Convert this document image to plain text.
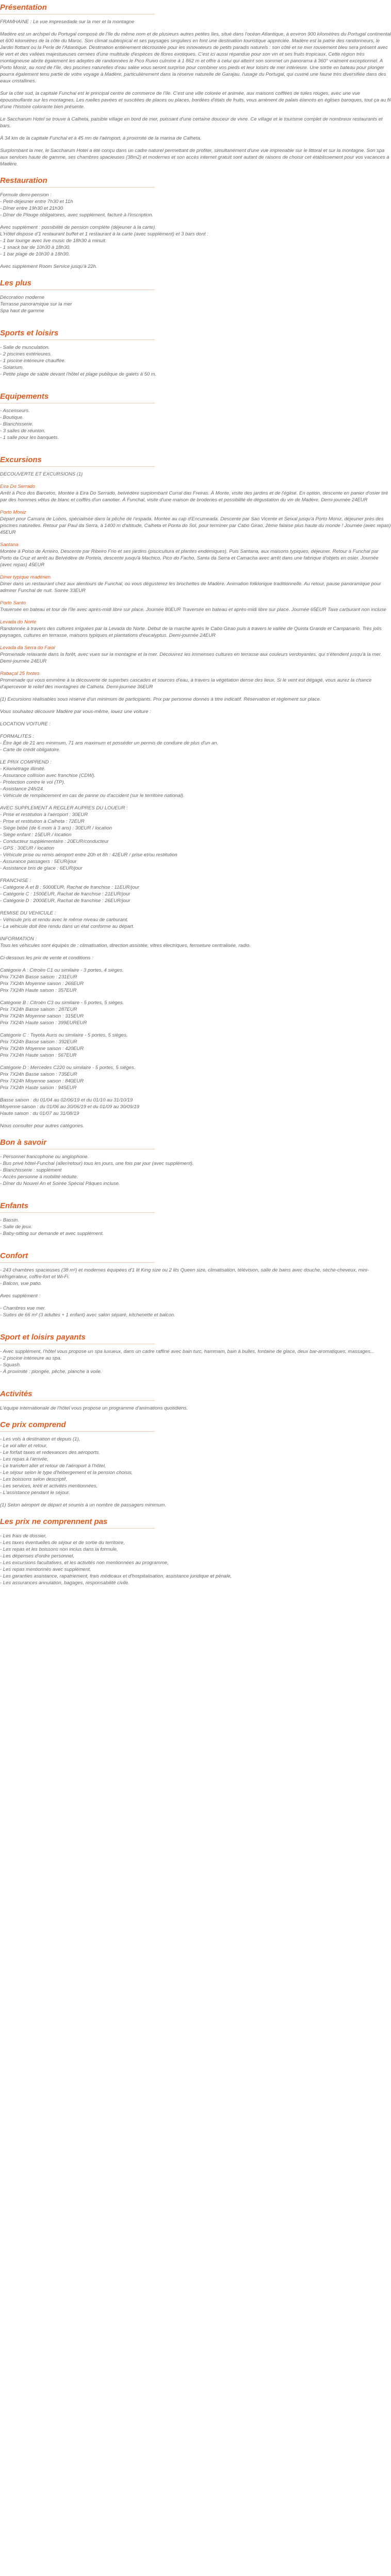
Présentation
FRAMHAINE : Le vue impresedade sur la mer et la montagne
Madère est un archipel du Portugal composé de l'île du même nom et de plusieurs autres petites îles, situé dans l'océan Atlantique, à environ 900 kilomètres du Portugal continental et 600 kilomètres de la côte du Maroc. Son climat subtropical et ses paysages singuliers en font une destination touristique appréciée. Madère est la patrie des randonneurs, le Jardin flottant ou la Perle de l'Atlantique. Destination entièrement décroustée pour les innovateurs de petits paradis naturels : son côté et se mer rouvement bleu sera présent avec le vert et des vallées majestueuses cernées d'une multitude d'espèces de flores exotiques. C'est ici aussi répandue pour son vin et ses fruits tropicaux. Cette région très montagneuse abrite également les adeptes de randonnées le Pico Ruivo culmine à 1 862 m et offre à celui qui atteint son sommet un panorama à 360° vraiment exceptionnel. A Porto Moniz, au nord de l'île, des piscines naturelles d'eau salée vous seront surprise pour combiner vos pieds et leur loisirs de mer intérieure. Une sortie en bateau pour plonger pourra également tenu partie de votre voyage à Madère, particulièrement dans la réserve naturelle de Garajau. l'usage du Portugal, qui cuviné une faune très diversifiée dans des eaux cristallines.
Sur la côte sud, la capitale Funchal est le principal centre de commerce de l'île. C'est une ville colorée et animée, aux maisons coiffées de tuiles rouges, avec une vue époustouflante sur les montagnes. Les ruelles pavées et suscitées de places ou places, bordées d'étals de fruits, vous amènent de palais élancés en églises baroques, tout ça au fil d'une l'histoire colorante bien présente.
Le Saccharum Hotel se trouve à Calheta, paisible village en bord de mer, puissant d'une certaine douceur de vivre. Ce village et le tourisme complet de nombreux restaurants et bars.
À 34 km de la capitale Funchal et à 45 mn de l'aéroport, à proximité de la marina de Calheta.
Surplombant la mer, le Saccharum Hotel a été conçu dans un cadre naturel permettant de profiter, simultanément d'une vue imprenable sur le littoral et sur la montagne. Son spa aux services haute de gamme, ses chambres spacieuses (38m2) et modernes et son accès internet gratuit sont autant de raisons de choisir cet établissement pour vos vacances à Madère.
Restauration
Formule demi-pension :
- Petit-déjeuner entre 7h30 et 11h
- Dîner entre 19h30 et 21h30
- Dîner de Plouge obligatoires, avec supplément, facturé à l'inscription.
Avec supplément : possibilité de pension complète (déjeuner à la carte).
L'Hôtel dispose d'1 restaurant buffet et 1 restaurant à la carte (avec supplément) et 3 bars dont :
- 1 bar lounge avec live music de 18h30 à minuit.
- 1 snack bar de 10h30 à 18h30.
- 1 bar plage de 10h30 à 18h30.
Avec supplément Room Service jusqu'à 22h.
Les plus
Décoration moderne
Terrasse panoramique sur la mer
Spa haut de gamme
Sports et loisirs
- Salle de musculation.
- 2 piscines extérieures.
- 1 piscine intérieure chauffée.
- Solarium.
- Petite plage de sable devant l'hôtel et plage publique de galets à 50 m.
Equipements
- Ascenseurs.
- Boutique.
- Blanchisserie.
- 3 salles de réunion.
- 1 salle pour les banquets.
Excursions
DECOUVERTE ET EXCURSIONS (1)
Eira Do Serrado
Arrêt à Pico dos Barcelos, Montée à Eira Do Serrado, belvédère surplombant Curral das Freiras. À Monte, visite des jardins et de l'église. En option, descente en panier d'osier tiré par des hommes vêtus de blanc et coiffés d'un canotier. À Funchal, visite d'une maison de broderies et possibilité de dégustation du vin de Madère. Demi-journée 24EUR
Porto Moniz
Départ pour Camara de Lobos, spécialisée dans la pêche de l'espada. Montée au cap d'Encumeada. Descente par Sao Vicente et Seixal jusqu'à Porto Moniz, déjeuner près des piscines naturelles. Retour par Paul da Serra, à 1400 m d'altitude, Calheta et Ponta do Sol, pour terminer par Cabo Girao, 2ème falaise plus haute du monde ! Journée (avec repas) 45EUR
Santana
Montée à Poiso de Arrieiro, Descente par Ribeiro Frio et ses jardins (piscicultura et plantes endémiques). Puis Santana, aux maisons typiques, déjeuner. Retour à Funchal par Porto da Cruz et arrêt au Belvédère de Portela, descente jusqu'à Machico, Pico do Facho, Santa da Serra et Camacha avec arrêt dans une fabrique d'objets en osier. Journée (avec repas) 45EUR
Diner typique madérien
Diner dans un restaurant chez aux alentours de Funchal, où vous dégusterez les brochettes de Madère. Animation folklorique traditionnelle. Au retour, pause panoramique pour admirer Funchal de nuit. Soirée 33EUR
Porto Santo
Traversée en bateau et tour de l'île avec après-midi libre sur place. Journée 80EUR Traversée en bateau et après-midi libre sur place. Journée 65EUR Taxe carburant non incluse
Levada do Norte
Randonnée à travers des cultures irriguées par la Levada do Norte. Début de la marche après le Cabo Girao puis à travers le vallée de Quinta Grande et Campanario. Très jolis paysages, cultures en terrasse, maisons typiques et plantations d'eucalyptus. Demi-journée 24EUR
Levada da Serra do Faial
Promenade relaxante dans la forêt, avec vues sur la montagne et la mer. Découvrez les immenses cultures en terrasse aux couleurs verdoyantes, qui s'étendent jusqu'à la mer. Demi-journée 24EUR
Rabaçal 25 fontes
Promenade qui vous emmène à la découverte de superbes cascades et sources d'eau, à travers la végétation dense des lieux. Si le vent est dégagé, vous aurez la chance d'apercevoir le relief des montagnes de Calheta. Demi-journée 36EUR
(1) Excursions réalisables sous réserve d'un minimum de participants. Prix par personne donnés à titre indicatif. Réservation et règlement sur place.
Vous souhaitez découvrir Madère par vous-même, louez une voiture :
LOCATION VOITURE :
FORMALITES :
- Être âgé de 21 ans minimum, 71 ans maximum et posséder un permis de conduire de plus d'un an.
- Carte de crédit obligatoire.
LE PRIX COMPREND :
- Kilométrage illimité.
- Assurance collision avec franchise (CDW).
- Protection contre le vol (TP).
- Assistance 24h/24.
- Véhicule de remplacement en cas de panne ou d'accident (sur le territoire national).
AVEC SUPPLEMENT A REGLER AUPRES DU LOUEUR :
- Prise et restitution à l'aéroport : 30EUR
- Prise et restitution à Calheta : 72EUR
- Siège bébé (de 6 mois à 3 ans) : 30EUR / location
- Siège enfant : 15EUR / location
- Conducteur supplémentaire : 20EUR/conducteur
- GPS : 30EUR / location
- Véhicule prise ou remis aéroport entre 20h et 8h : 42EUR / prise et/ou restitution
- Assurance passagers : 5EUR/jour
- Assistance bris de glace : 6EUR/jour
FRANCHISE :
- Catégorie A et B : 5000EUR, Rachat de franchise : 11EUR/jour
- Catégorie C : 1500EUR, Rachat de franchise : 21EUR/jour
- Catégorie D : 2000EUR, Rachat de franchise : 26EUR/jour
REMISE DU VEHICULE :
- Véhicule pris et rendu avec le même niveau de carburant.
- La véhicule doit être rendu dans un état conforme au départ.
INFORMATION :
Tous les véhicules sont équipés de : climatisation, direction assistée, vitres électriques, fermeture centralisée, radio.
Ci-dessous les prix de vente et conditions :
Catégorie A : Citroën C1 ou similaire - 3 portes, 4 sièges.
Prix 7X24h Basse saison : 231EUR
Prix 7X24h Moyenne saison : 266EUR
Prix 7X24h Haute saison : 357EUR
Catégorie B : Citroën C3 ou similaire - 5 portes, 5 sièges.
Prix 7X24h Basse saison : 287EUR
Prix 7X24h Moyenne saison : 315EUR
Prix 7X24h Haute saison : 399EUREUR
Catégorie C : Toyota Auris ou similaire - 5 portes, 5 sièges.
Prix 7X24h Basse saison : 392EUR
Prix 7X24h Moyenne saison : 420EUR
Prix 7X24h Haute saison : 567EUR
Catégorie D : Mercedes C220 ou similaire - 5 portes, 5 sièges.
Prix 7X24h Basse saison : 735EUR
Prix 7X24h Moyenne saison : 840EUR
Prix 7X24h Haute saison : 945EUR
Basse saison : du 01/04 au 02/06/19 et du 01/10 au 31/10/19
Moyenne saison : du 01/06 au 30/06/19 et du 01/09 au 30/09/19
Haute saison : du 01/07 au 31/08/19
Nous consulter pour autres catégories.
Bon à savoir
- Personnel francophone ou anglophone.
- Bus privé hôtel-Funchal (aller/retour) tous les jours, une fois par jour (avec supplément).
- Blanchisserie : supplément
- Accès personne à mobilité réduite.
- Dîner du Nouvel An et Soirée Spécial Pâques incluse.
Enfants
- Bassin.
- Salle de jeux.
- Baby-sitting sur demande et avec supplément.
Confort
- 243 chambres spacieuses (38 m²) et modernes équipées d'1 lit King size ou 2 lits Queen size, climatisation, télévision, salle de bains avec douche, sèche-cheveux, mini-réfrigérateur, coffre-fort et Wi-Fi.
- Balcon, vue patio.
Avec supplément :
- Chambres vue mer.
- Suites de 66 m² (3 adultes + 1 enfant) avec salon séparé, kitchenette et balcon.
Sport et loisirs payants
- Avec supplément, l'hôtel vous propose un spa luxueux, dans un cadre raffiné avec bain turc, hammam, bain à bulles, fontaine de glace, deux bar-aromatiques, massages...
- 2 piscine intérieure au spa.
- Squash.
- À proximité : plongée, pêche, planche à voile.
Activités
L'équipe internationale de l'hôtel vous propose un programme d'animations quotidiens.
Ce prix comprend
- Les vols à destination et depuis (1),
- Le vol aller et retour,
- Le forfait taxes et redevances des aéroports.
- Les repas à l'arrivée,
- Le transfert aller et retour de l'aéroport à l'hôtel,
- Le séjour selon le type d'hébergement et la pension choisis,
- Les boissons selon descriptif,
- Les services, kréti et activités mentionnées,
- L'assistance pendant le séjour.
(1) Selon aéroport de départ et soumis à un nombre de passagers minimum.
Les prix ne comprennent pas
- Les frais de dossier,
- Les taxes éventuelles de séjour et de sortie du territoire,
- Les repas et les boissons non inclus dans la formule,
- Les dépenses d'ordre personnel,
- Les excursions facultatives, et les activités non mentionnées au programme,
- Les repas mentionnés avec supplément,
- Les garanties assistance, rapatriement, frais médicaux et d'hospitalisation, assistance juridique et pénale,
- Les assurances annulation, bagages, responsabilité civile.
